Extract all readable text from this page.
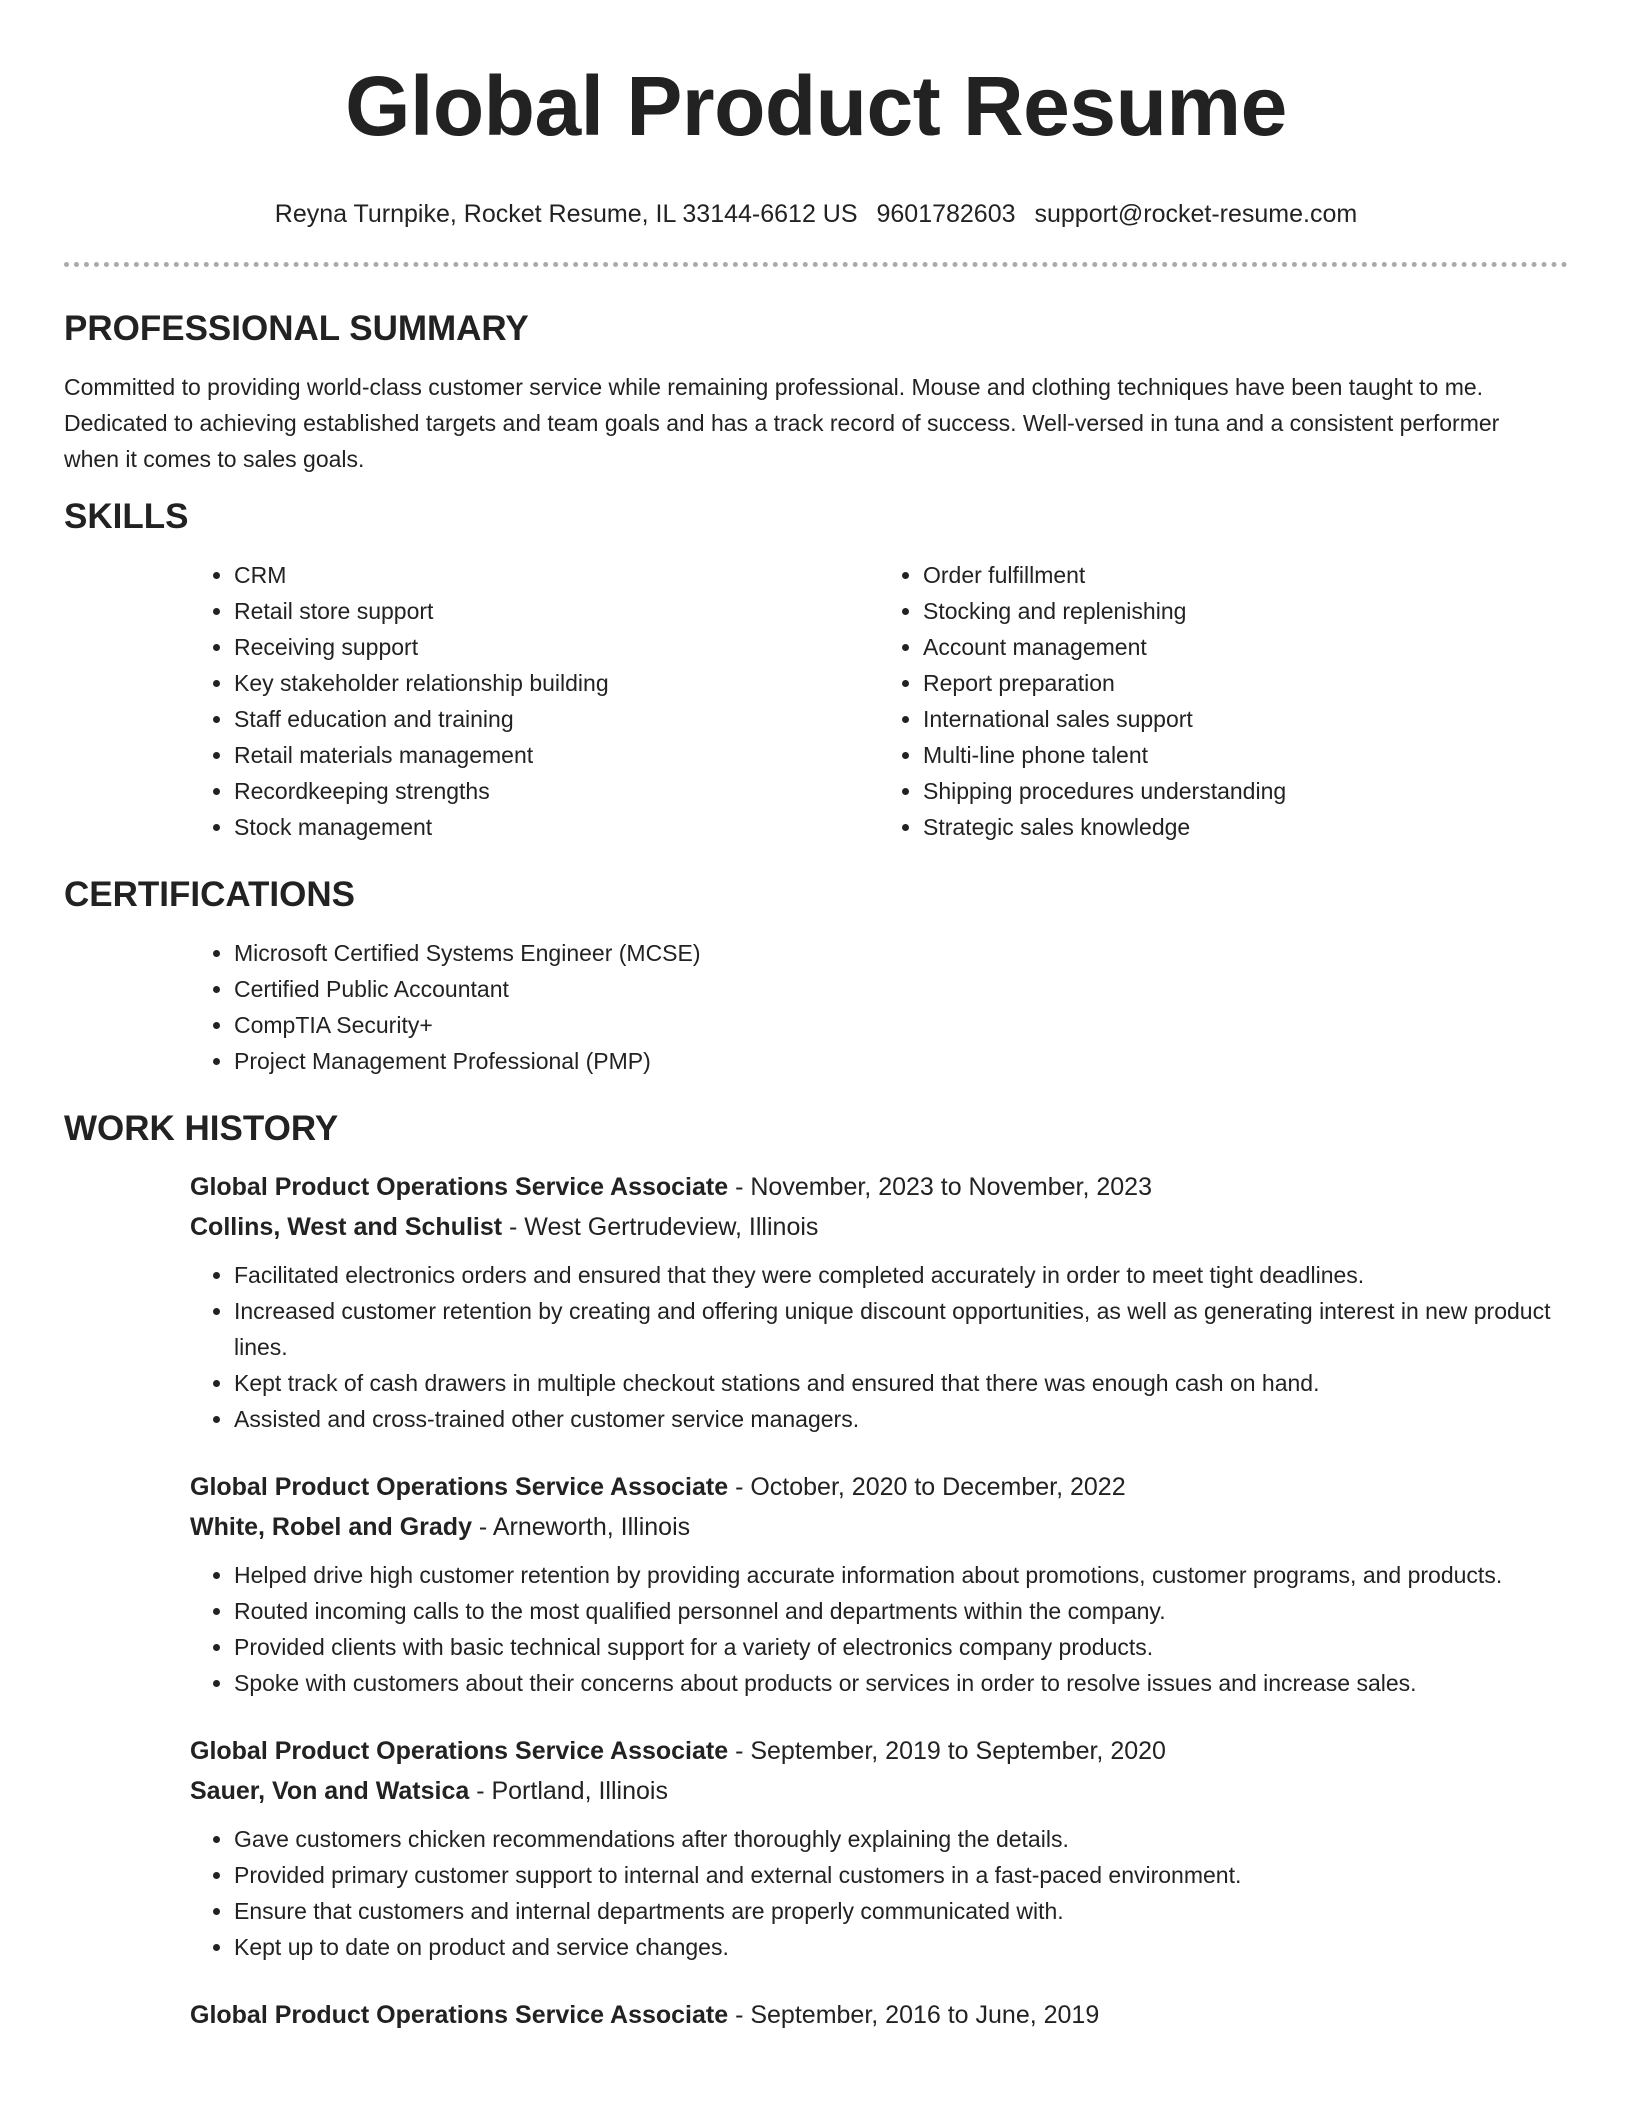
Global Product Resume
Reyna Turnpike, Rocket Resume, IL 33144-6612 US 9601782603 support@rocket-resume.com
PROFESSIONAL SUMMARY

Committed to providing world-class customer service while remaining professional. Mouse and clothing techniques have been taught to me. Dedicated to achieving established targets and team goals and has a track record of success. Well-versed in tuna and a consistent performer when it comes to sales goals.

SKILLS
• CRM
• Retail store support
• Receiving support
• Key stakeholder relationship building
• Staff education and training
• Retail materials management
• Recordkeeping strengths
• Stock management
• Order fulfillment
• Stocking and replenishing
• Account management
• Report preparation
• International sales support
• Multi-line phone talent
• Shipping procedures understanding
• Strategic sales knowledge
CERTIFICATIONS
• Microsoft Certified Systems Engineer (MCSE)
• Certified Public Accountant
• CompTIA Security+
• Project Management Professional (PMP)
WORK HISTORY
Global Product Operations Service Associate - November, 2023 to November, 2023
Collins, West and Schulist - West Gertrudeview, Illinois
• Facilitated electronics orders and ensured that they were completed accurately in order to meet tight deadlines.
• Increased customer retention by creating and offering unique discount opportunities, as well as generating interest in new product lines.
• Kept track of cash drawers in multiple checkout stations and ensured that there was enough cash on hand.
• Assisted and cross-trained other customer service managers.
Global Product Operations Service Associate - October, 2020 to December, 2022
White, Robel and Grady - Arneworth, Illinois
• Helped drive high customer retention by providing accurate information about promotions, customer programs, and products.
• Routed incoming calls to the most qualified personnel and departments within the company.
• Provided clients with basic technical support for a variety of electronics company products.
• Spoke with customers about their concerns about products or services in order to resolve issues and increase sales.
Global Product Operations Service Associate - September, 2019 to September, 2020
Sauer, Von and Watsica - Portland, Illinois
• Gave customers chicken recommendations after thoroughly explaining the details.
• Provided primary customer support to internal and external customers in a fast-paced environment.
• Ensure that customers and internal departments are properly communicated with.
• Kept up to date on product and service changes.
Global Product Operations Service Associate - September, 2016 to June, 2019
